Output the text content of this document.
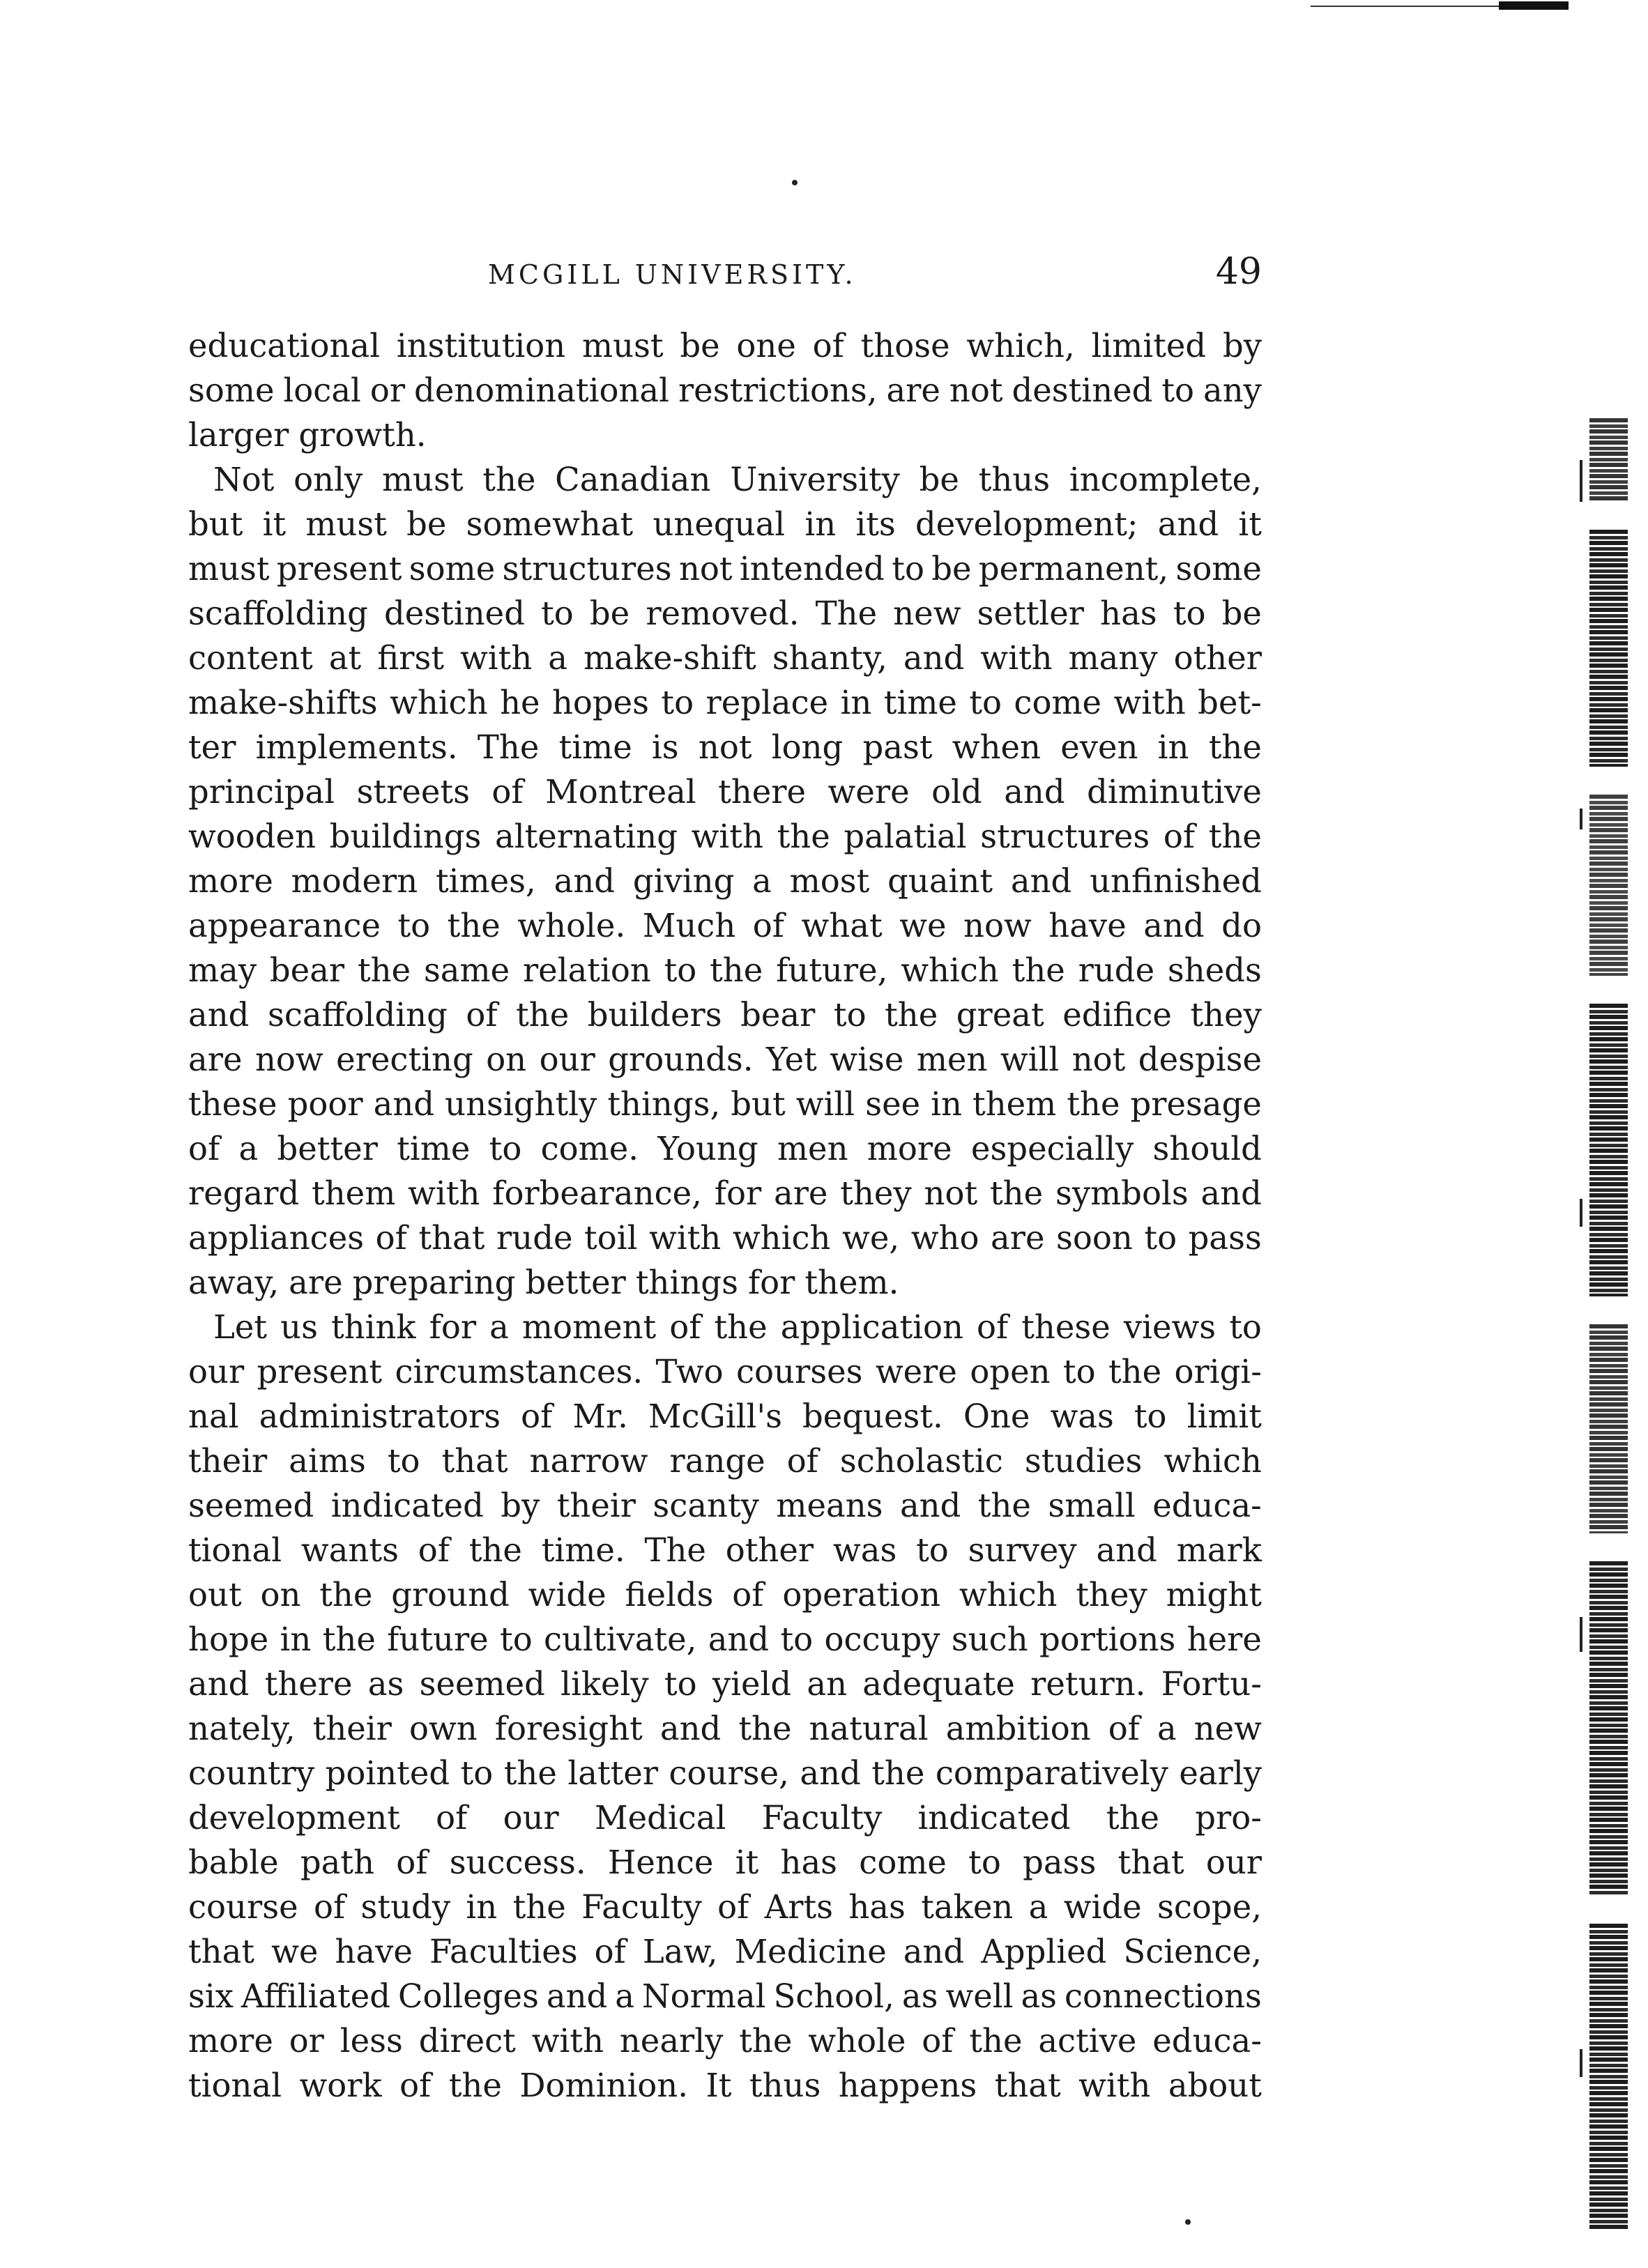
MCGILL UNIVERSITY.	49
educational institution must be one of those which, limited by
some local or denominational restrictions, are not destined to any
larger growth.
Not only must the Canadian University be thus incomplete,
but it must be somewhat unequal in its development; and it
must present some structures not intended to be permanent, some
scaffolding destined to be removed. The new settler has to be
content at first with a make-shift shanty, and with many other
make-shifts which he hopes to replace in time to come with bet-
ter implements. The time is not long past when even in the
principal streets of Montreal there were old and diminutive
wooden buildings alternating with the palatial structures of the
more modern times, and giving a most quaint and unfinished
appearance to the whole. Much of what we now have and do
may bear the same relation to the future, which the rude sheds
and scaffolding of the builders bear to the great edifice they
are now erecting on our grounds. Yet wise men will not despise
these poor and unsightly things, but will see in them the presage
of a better time to come. Young men more especially should
regard them with forbearance, for are they not the symbols and
appliances of that rude toil with which we, who are soon to pass
away, are preparing better things for them.
Let us think for a moment of the application of these views to
our present circumstances. Two courses were open to the origi-
nal administrators of Mr. McGill's bequest. One was to limit
their aims to that narrow range of scholastic studies which
seemed indicated by their scanty means and the small educa-
tional wants of the time. The other was to survey and mark
out on the ground wide fields of operation which they might
hope in the future to cultivate, and to occupy such portions here
and there as seemed likely to yield an adequate return. Fortu-
nately, their own foresight and the natural ambition of a new
country pointed to the latter course, and the comparatively early
development of our Medical Faculty indicated the pro-
bable path of success. Hence it has come to pass that our
course of study in the Faculty of Arts has taken a wide scope,
that we have Faculties of Law, Medicine and Applied Science,
six Affiliated Colleges and a Normal School, as well as connections
more or less direct with nearly the whole of the active educa-
tional work of the Dominion. It thus happens that with about
